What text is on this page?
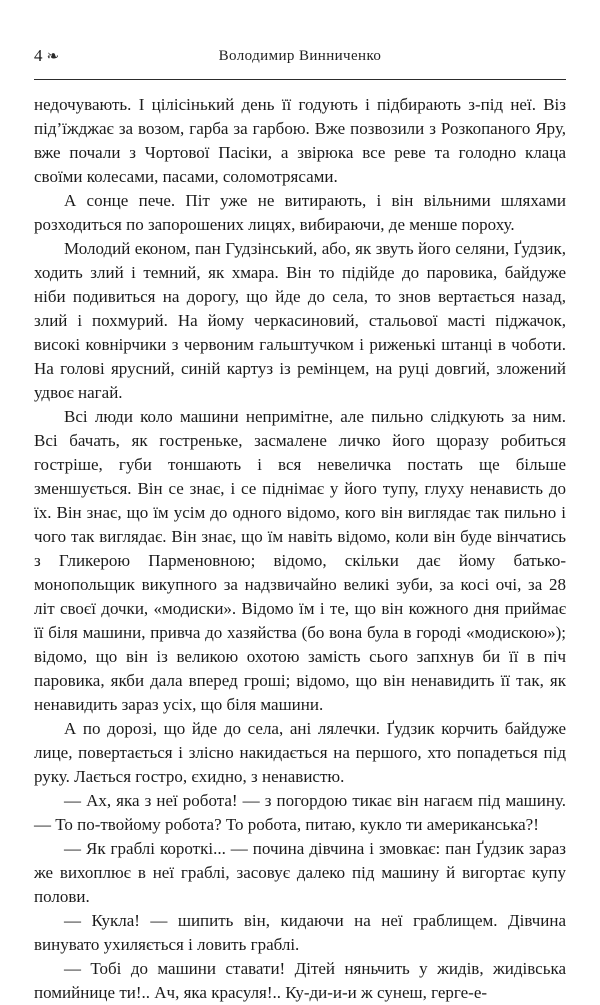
4 ❧	Володимир Винниченко

недочувають. І цілісінький день її годують і підбирають з-під неї. Віз під’їжджає за возом, гарба за гарбою. Вже позвозили з Розкопаного Яру, вже почали з Чортової Пасіки, а звірюка все реве та голодно клаца своїми колесами, пасами, соломотрясами.

А сонце пече. Піт уже не витирають, і він вільними шляхами розходиться по запорошених лицях, вибираючи, де менше пороху.

Молодий економ, пан Гудзінський, або, як звуть його селяни, Ґудзик, ходить злий і темний, як хмара. Він то підійде до паровика, байдуже ніби подивиться на дорогу, що йде до села, то знов вертається назад, злий і похмурий. На йому черкасиновий, стальової масті піджачок, високі ковнірчики з червоним гальштучком і риженькі штанці в чоботи. На голові ярусний, синій картуз із ремінцем, на руці довгий, зложений удвоє нагай.

Всі люди коло машини непримітне, але пильно слідкують за ним. Всі бачать, як гостреньке, засмалене личко його щоразу робиться гостріше, губи тоншають і вся невеличка постать ще більше зменшується. Він се знає, і се піднімає у його тупу, глуху ненависть до їх. Він знає, що їм усім до одного відомо, кого він виглядає так пильно і чого так виглядає. Він знає, що їм навіть відомо, коли він буде вінчатись з Гликерою Парменовною; відомо, скільки дає йому батько-монопольщик викупного за надзвичайно великі зуби, за косі очі, за 28 літ своєї дочки, «модиски». Відомо їм і те, що він кожного дня приймає її біля машини, привча до хазяйства (бо вона була в городі «модискою»); відомо, що він із великою охотою замість сього запхнув би її в піч паровика, якби дала вперед гроші; відомо, що він ненавидить її так, як ненавидить зараз усіх, що біля машини.

А по дорозі, що йде до села, ані лялечки. Ґудзик корчить байдуже лице, повертається і злісно накидається на першого, хто попадеться під руку. Лається гостро, єхидно, з ненавистю.

— Ах, яка з неї робота! — з погордою тикає він нагаєм під машину. — То по-твойому робота? То робота, питаю, кукло ти американська?!

— Як граблі короткі... — почина дівчина і змовкає: пан Ґудзик зараз же вихоплює в неї граблі, засовує далеко під машину й вигортає купу полови.

— Кукла! — шипить він, кидаючи на неї граблищем. Дівчина винувато ухиляється і ловить граблі.

— Тобі до машини ставати! Дітей няньчить у жидів, жидівська помийнице ти!.. Ач, яка красуля!.. Ку-ди-и-и ж сунеш, герге-е-
